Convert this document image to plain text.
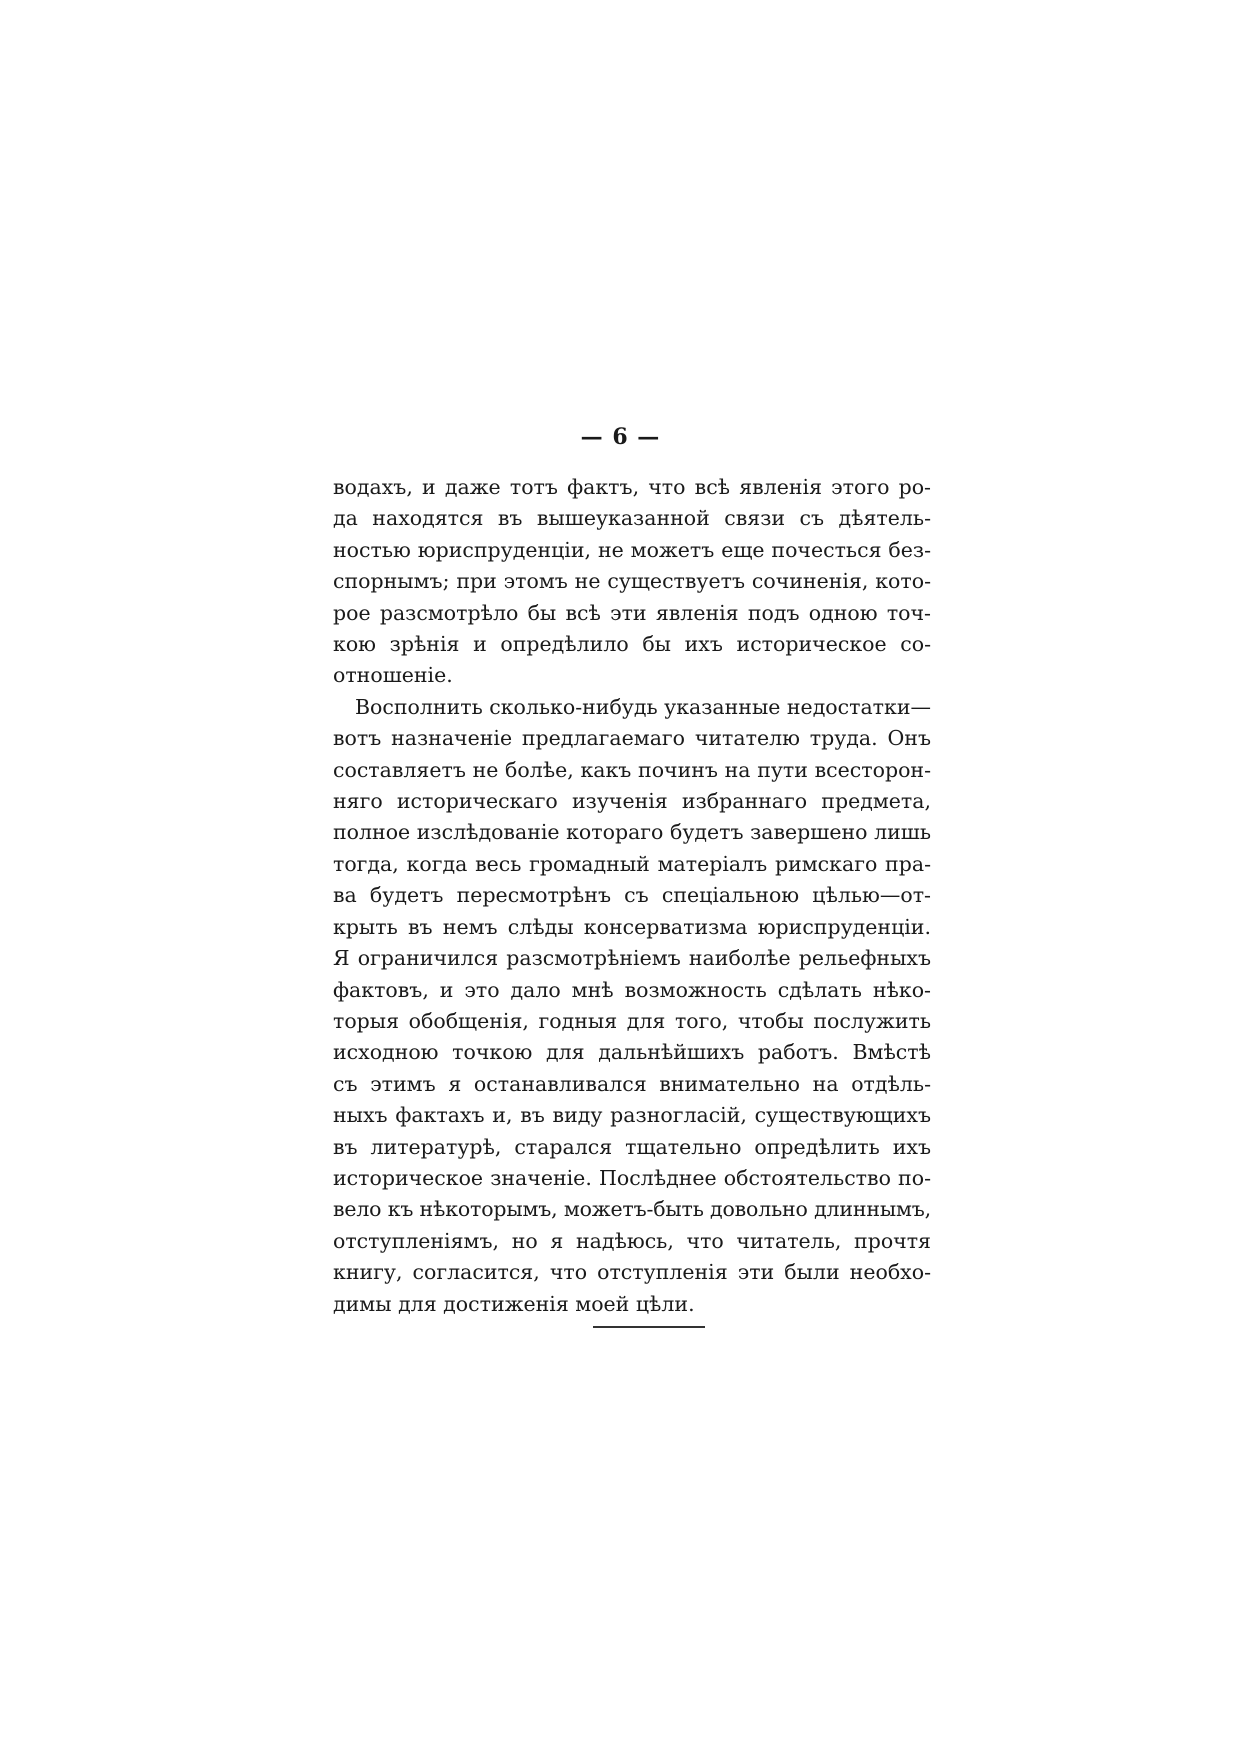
— 6 —
водахъ, и даже тотъ фактъ, что всѣ явленія этого ро-
да находятся въ вышеуказанной связи съ дѣятель-
ностью юриспруденціи, не можетъ еще почесться без-
спорнымъ; при этомъ не существуетъ сочиненія, кото-
рое разсмотрѣло бы всѣ эти явленія подъ одною точ-
кою зрѣнія и опредѣлило бы ихъ историческое со-
отношеніе.
Восполнить сколько-нибудь указанные недостатки—
вотъ назначеніе предлагаемаго читателю труда. Онъ
составляетъ не болѣе, какъ починъ на пути всесторон-
няго историческаго изученія избраннаго предмета,
полное изслѣдованіе котораго будетъ завершено лишь
тогда, когда весь громадный матеріалъ римскаго пра-
ва будетъ пересмотрѣнъ съ спеціальною цѣлью—от-
крыть въ немъ слѣды консерватизма юриспруденціи.
Я ограничился разсмотрѣніемъ наиболѣе рельефныхъ
фактовъ, и это дало мнѣ возможность сдѣлать нѣко-
торыя обобщенія, годныя для того, чтобы послужить
исходною точкою для дальнѣйшихъ работъ. Вмѣстѣ
съ этимъ я останавливался внимательно на отдѣль-
ныхъ фактахъ и, въ виду разногласій, существующихъ
въ литературѣ, старался тщательно опредѣлить ихъ
историческое значеніе. Послѣднее обстоятельство по-
вело къ нѣкоторымъ, можетъ-быть довольно длиннымъ,
отступленіямъ, но я надѣюсь, что читатель, прочтя
книгу, согласится, что отступленія эти были необхо-
димы для достиженія моей цѣли.
